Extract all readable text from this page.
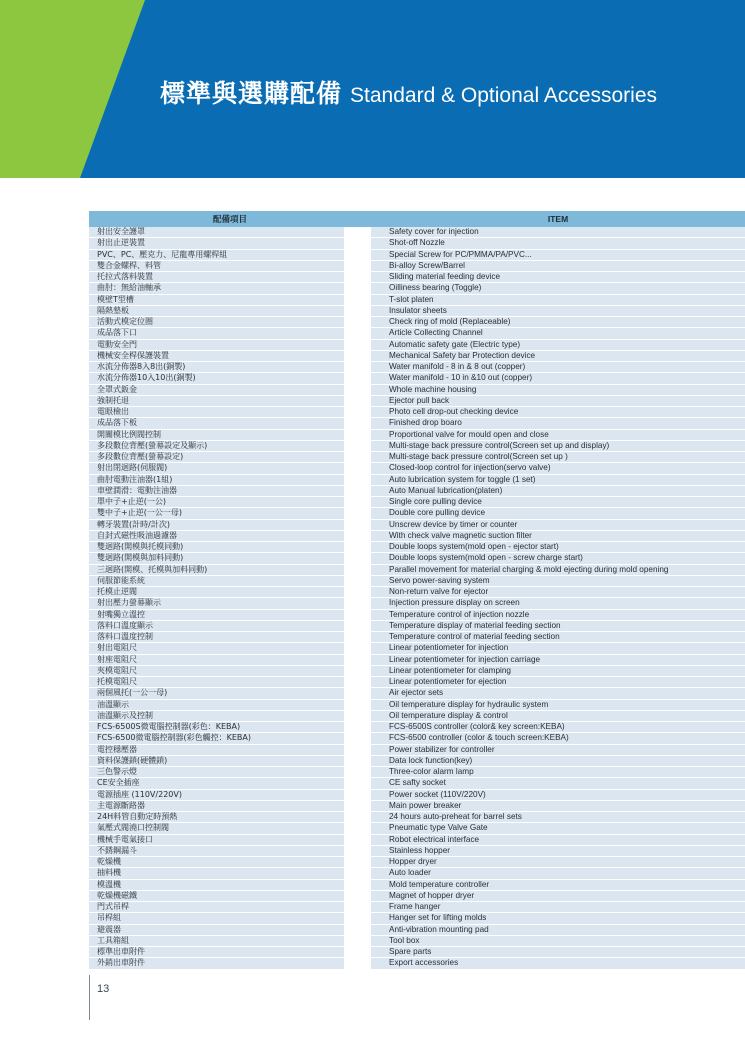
標準與選購配備 Standard & Optional Accessories
配備項目	ITEM
射出安全護罩	Safety cover for injection
射出止逆裝置	Shot-off Nozzle
PVC、PC、壓克力、尼龍專用螺桿組	Special Screw for PC/PMMA/PA/PVC...
雙合金螺桿、料管	Bi-alloy Screw/Barrel
托拉式落料裝置	Sliding material feeding device
曲肘：無給油軸承	Oilliness bearing (Toggle)
模壁T型槽	T-slot platen
隔熱墊板	Insulator sheets
活動式模定位圈	Check ring of mold (Replaceable)
成品落下口	Article Collecting Channel
電動安全門	Automatic safety gate (Electric type)
機械安全桿保護裝置	Mechanical Safety bar Protection device
水流分佈器8入8出(銅製)	Water manifold - 8 in & 8 out (copper)
水流分佈器10入10出(銅製)	Water manifold - 10 in &10 out (copper)
全罩式鈑金	Whole machine housing
強制托退	Ejector pull back
電眼檢出	Photo cell drop-out checking device
成品落下板	Finished drop boaro
開關模比例閥控制	Proportional valve for mould open and close
多段數位背壓(螢幕設定及顯示)	Multi-stage back pressure control(Screen set up and display)
多段數位背壓(螢幕設定)	Multi-stage back pressure control(Screen set up )
射出閉迴路(伺服閥)	Closed-loop control for injection(servo valve)
曲肘電動注油器(1組)	Auto lubrication system for toggle (1 set)
車壁潤滑：電動注油器	Auto Manual lubrication(platen)
單中子+止逆(一公)	Single core pulling device
雙中子+止逆(一公一母)	Double core pulling device
轉牙裝置(計時/計次)	Unscrew device by timer or counter
自封式磁性吸油過濾器	With check valve magnetic suction filter
雙迴路(開模與托模同動)	Double loops system(mold open - ejector start)
雙迴路(開模與加料同動)	Double loops system(mold open - screw charge start)
三迴路(開模、托模與加料同動)	Parallel movement for material charging & mold ejecting during mold opening
伺服節能系統	Servo power-saving system
托模止逆閥	Non-return valve for ejector
射出壓力螢幕顯示	Injection pressure display on screen
射嘴獨立溫控	Temperature control of injection nozzle
落料口溫度顯示	Temperature display of material feeding section
落料口溫度控制	Temperature control of material feeding section
射出電阻尺	Linear potentiometer for injection
射座電阻尺	Linear potentiometer for injection carriage
夾模電阻尺	Linear potentiometer for clamping
托模電阻尺	Linear potentiometer for ejection
兩個風托(一公一母)	Air ejector sets
油溫顯示	Oil temperature display for hydraulic system
油溫顯示及控制	Oil temperature display & control
FCS-6500S微電腦控制器(彩色：KEBA)	FCS-6500S controller (color& key screen:KEBA)
FCS-6500微電腦控制器(彩色觸控：KEBA)	FCS-6500 controller (color & touch screen:KEBA)
電控穩壓器	Power stabilizer for controller
資料保護鎖(硬體鎖)	Data lock function(key)
三色警示燈	Three-color alarm lamp
CE安全插座	CE safty socket
電源插座 (110V/220V)	Power socket (110V/220V)
主電源斷路器	Main power breaker
24H料管自動定時預熱	24 hours auto-preheat for barrel sets
氣壓式閥澆口控制閥	Pneumatic type Valve Gate
機械手電氣接口	Robot electrical interface
不銹鋼漏斗	Stainless hopper
乾燥機	Hopper dryer
抽料機	Auto loader
模溫機	Mold temperature controller
乾燥機磁鐵	Magnet of hopper dryer
門式吊桿	Frame hanger
吊桿組	Hanger set for lifting molds
避震器	Anti-vibration mounting pad
工具箱組	Tool box
標準出車附件	Spare parts
外銷出車附件	Export accessories
13
